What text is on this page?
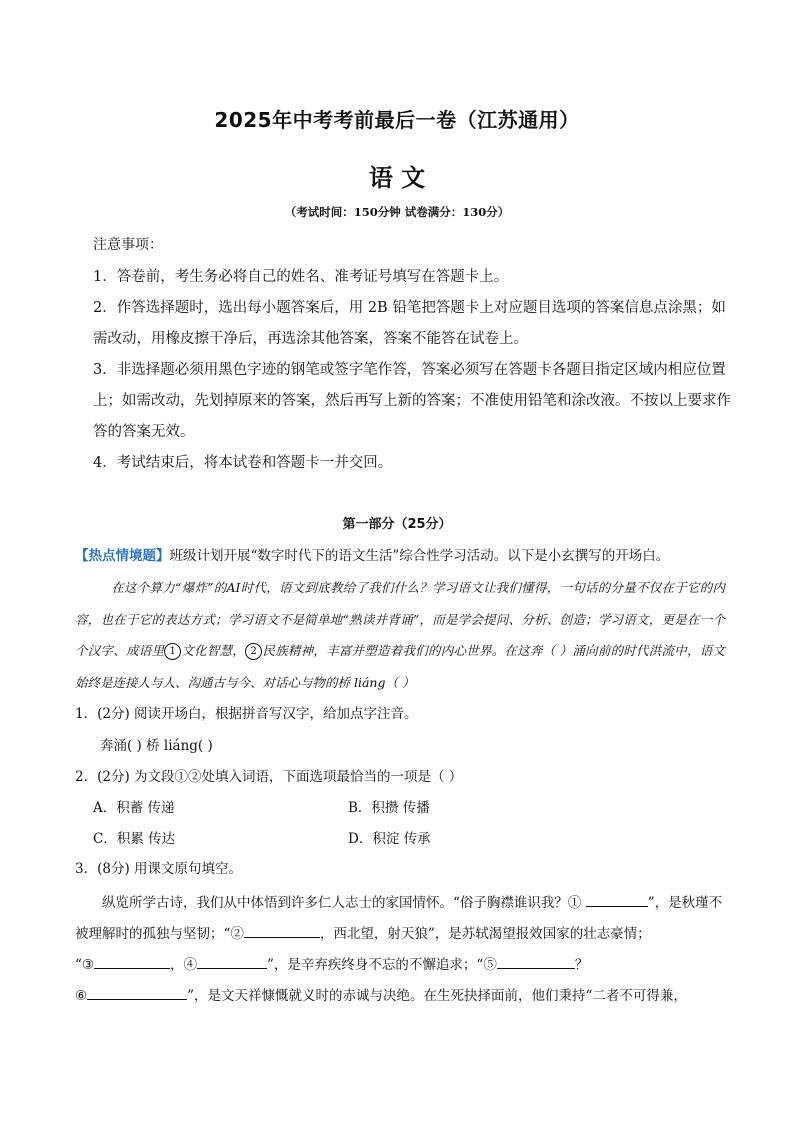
2025年中考考前最后一卷（江苏通用）
语 文
（考试时间：150分钟 试卷满分：130分）
注意事项：

1．答卷前，考生务必将自己的姓名、准考证号填写在答题卡上。

2．作答选择题时，选出每小题答案后，用 2B 铅笔把答题卡上对应题目选项的答案信息点涂黑；如需改动，用橡皮擦干净后，再选涂其他答案，答案不能答在试卷上。

3．非选择题必须用黑色字迹的钢笔或签字笔作答，答案必须写在答题卡各题目指定区域内相应位置上；如需改动，先划掉原来的答案，然后再写上新的答案；不准使用铅笔和涂改液。不按以上要求作答的答案无效。

4．考试结束后，将本试卷和答题卡一并交回。

第一部分（25分）
【热点情境题】班级计划开展“数字时代下的语文生活”综合性学习活动。以下是小玄撰写的开场白。
在这个算力“爆炸”的AI时代，语文到底教给了我们什么？学习语文让我们懂得，一句话的分量不仅在于它的内容，也在于它的表达方式；学习语文不是简单地“熟读并背诵”，而是学会提问、分析、创造；学习语文，更是在一个个汉字、成语里 1 文化智慧， 2 民族精神，丰富并塑造着我们的内心世界。在这奔（ ）涌向前的时代洪流中，语文始终是连接人与人、沟通古与今、对话心与物的桥 liáng（ ）
1．(2分) 阅读开场白，根据拼音写汉字，给加点字注音。
奔涌( ) 桥 liáng( )
2．(2分) 为文段①②处填入词语，下面选项最恰当的一项是（ ）
A．积蓄 传递	B．积攒 传播
C．积累 传达	D．积淀 传承
3．(8分) 用课文原句填空。

纵览所学古诗，我们从中体悟到许多仁人志士的家国情怀。“俗子胸襟谁识我？①	”，是秋瑾不被理解时的孤独与坚韧；“②	，西北望，射天狼”，是苏轼渴望报效国家的壮志豪情；

“③	，④	”，是辛弃疾终身不忘的不懈追求；“⑤	？

⑥	”，是文天祥慷慨就义时的赤诚与决绝。在生死抉择面前，他们秉持“二者不可得兼，
